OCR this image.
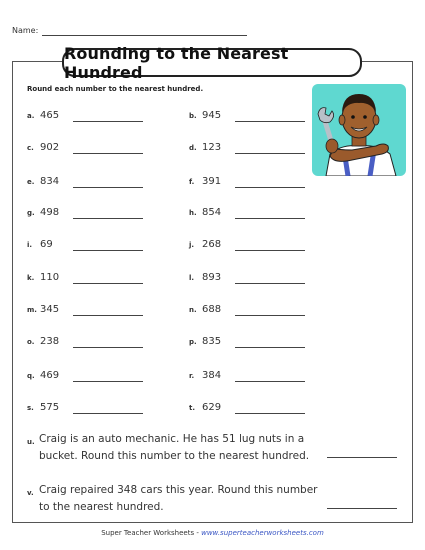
Name:
Rounding to the Nearest Hundred
Round each number to the nearest hundred.
a. 465	b. 945
c. 902	d. 123
e. 834	f. 391
g. 498	h. 854
i. 69	j. 268
k. 110	l. 893
m. 345	n. 688
o. 238	p. 835
q. 469	r. 384
s. 575	t. 629
u. Craig is an auto mechanic. He has 51 lug nuts in a
bucket. Round this number to the nearest hundred.
v. Craig repaired 348 cars this year. Round this number
to the nearest hundred.
Super Teacher Worksheets - www.superteacherworksheets.com
